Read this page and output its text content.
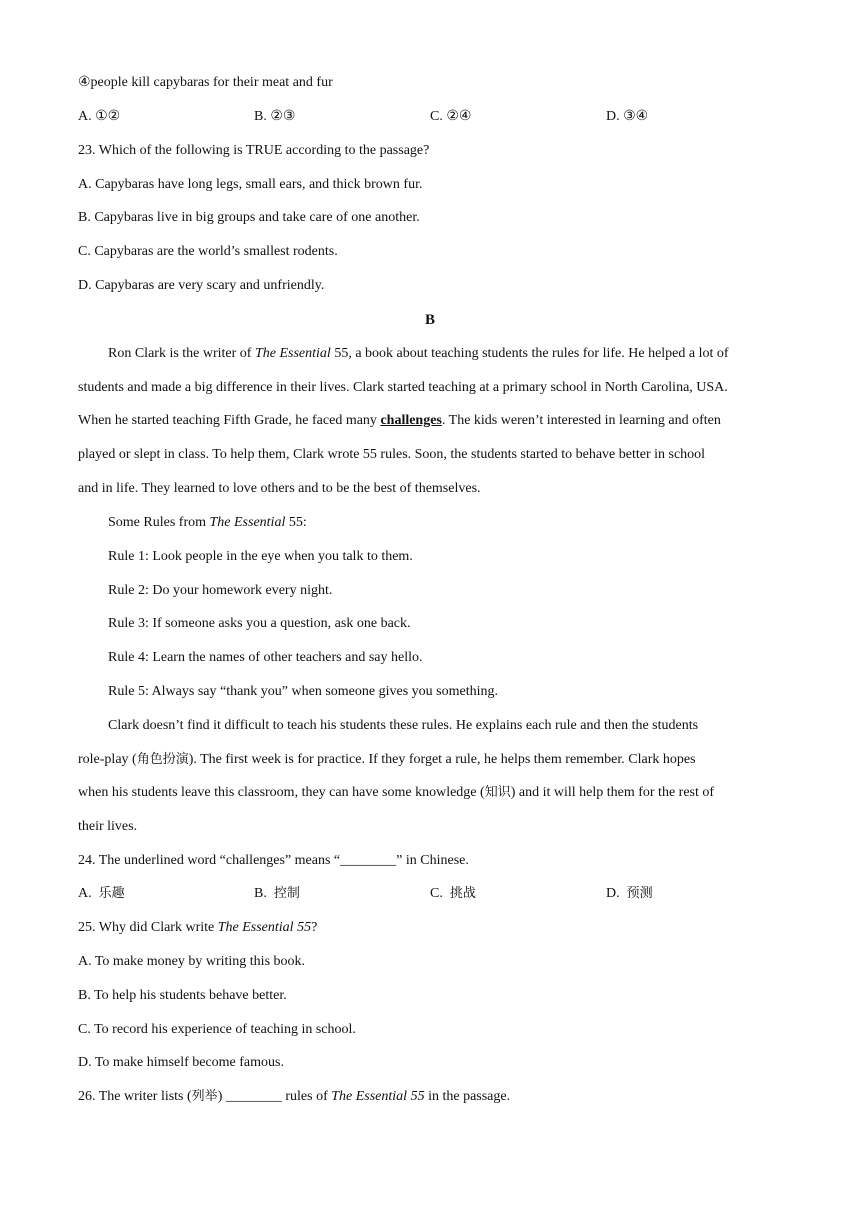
④people kill capybaras for their meat and fur
A. ①②	B. ②③	C. ②④	D. ③④
23. Which of the following is TRUE according to the passage?
A. Capybaras have long legs, small ears, and thick brown fur.
B. Capybaras live in big groups and take care of one another.
C. Capybaras are the world’s smallest rodents.
D. Capybaras are very scary and unfriendly.
B
Ron Clark is the writer of The Essential 55, a book about teaching students the rules for life. He helped a lot of
students and made a big difference in their lives. Clark started teaching at a primary school in North Carolina, USA.
When he started teaching Fifth Grade, he faced many challenges. The kids weren’t interested in learning and often
played or slept in class. To help them, Clark wrote 55 rules. Soon, the students started to behave better in school
and in life. They learned to love others and to be the best of themselves.
Some Rules from The Essential 55:
Rule 1: Look people in the eye when you talk to them.
Rule 2: Do your homework every night.
Rule 3: If someone asks you a question, ask one back.
Rule 4: Learn the names of other teachers and say hello.
Rule 5: Always say “thank you” when someone gives you something.
Clark doesn’t find it difficult to teach his students these rules. He explains each rule and then the students
role-play (角色扮演). The first week is for practice. If they forget a rule, he helps them remember. Clark hopes
when his students leave this classroom, they can have some knowledge (知识) and it will help them for the rest of
their lives.
24. The underlined word “challenges” means “________” in Chinese.
A. 乐趣	B. 控制	C. 挑战	D. 预测
25. Why did Clark write The Essential 55?
A. To make money by writing this book.
B. To help his students behave better.
C. To record his experience of teaching in school.
D. To make himself become famous.
26. The writer lists (列举) ________ rules of The Essential 55 in the passage.
